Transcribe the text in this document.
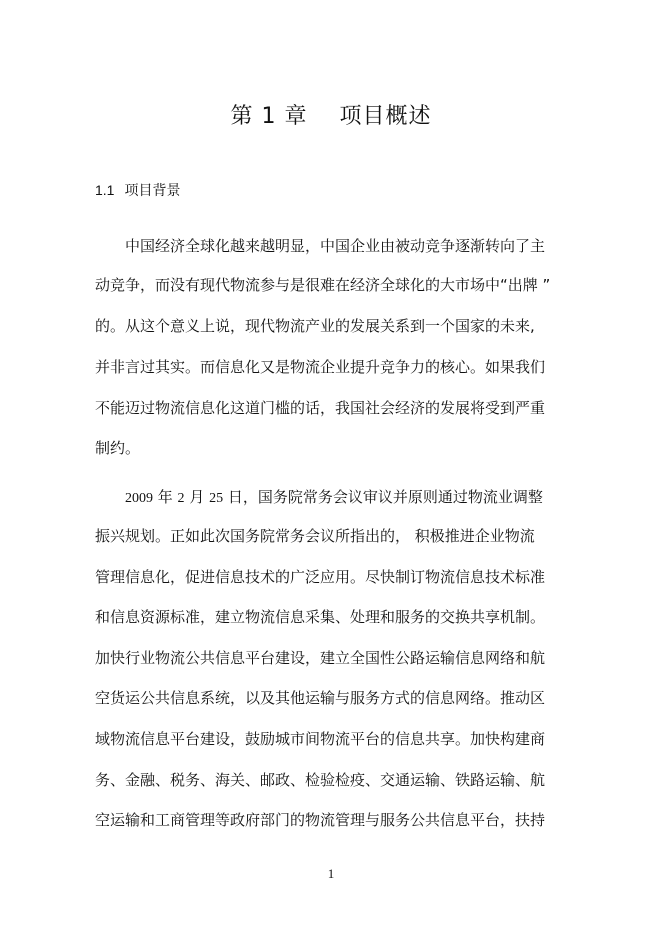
第 1 章    项目概述
1.1 项目背景
中国经济全球化越来越明显，中国企业由被动竞争逐渐转向了主
动竞争，而没有现代物流参与是很难在经济全球化的大市场中“出牌 ”
的。从这个意义上说，现代物流产业的发展关系到一个国家的未来,
并非言过其实。而信息化又是物流企业提升竞争力的核心。如果我们
不能迈过物流信息化这道门槛的话，我国社会经济的发展将受到严重
制约。
2009 年 2 月 25 日，国务院常务会议审议并原则通过物流业调整
振兴规划。正如此次国务院常务会议所指出的， 积极推进企业物流
管理信息化，促进信息技术的广泛应用。尽快制订物流信息技术标准
和信息资源标准，建立物流信息采集、处理和服务的交换共享机制。
加快行业物流公共信息平台建设，建立全国性公路运输信息网络和航
空货运公共信息系统，以及其他运输与服务方式的信息网络。推动区
域物流信息平台建设，鼓励城市间物流平台的信息共享。加快构建商
务、金融、税务、海关、邮政、检验检疫、交通运输、铁路运输、航
空运输和工商管理等政府部门的物流管理与服务公共信息平台，扶持
1
